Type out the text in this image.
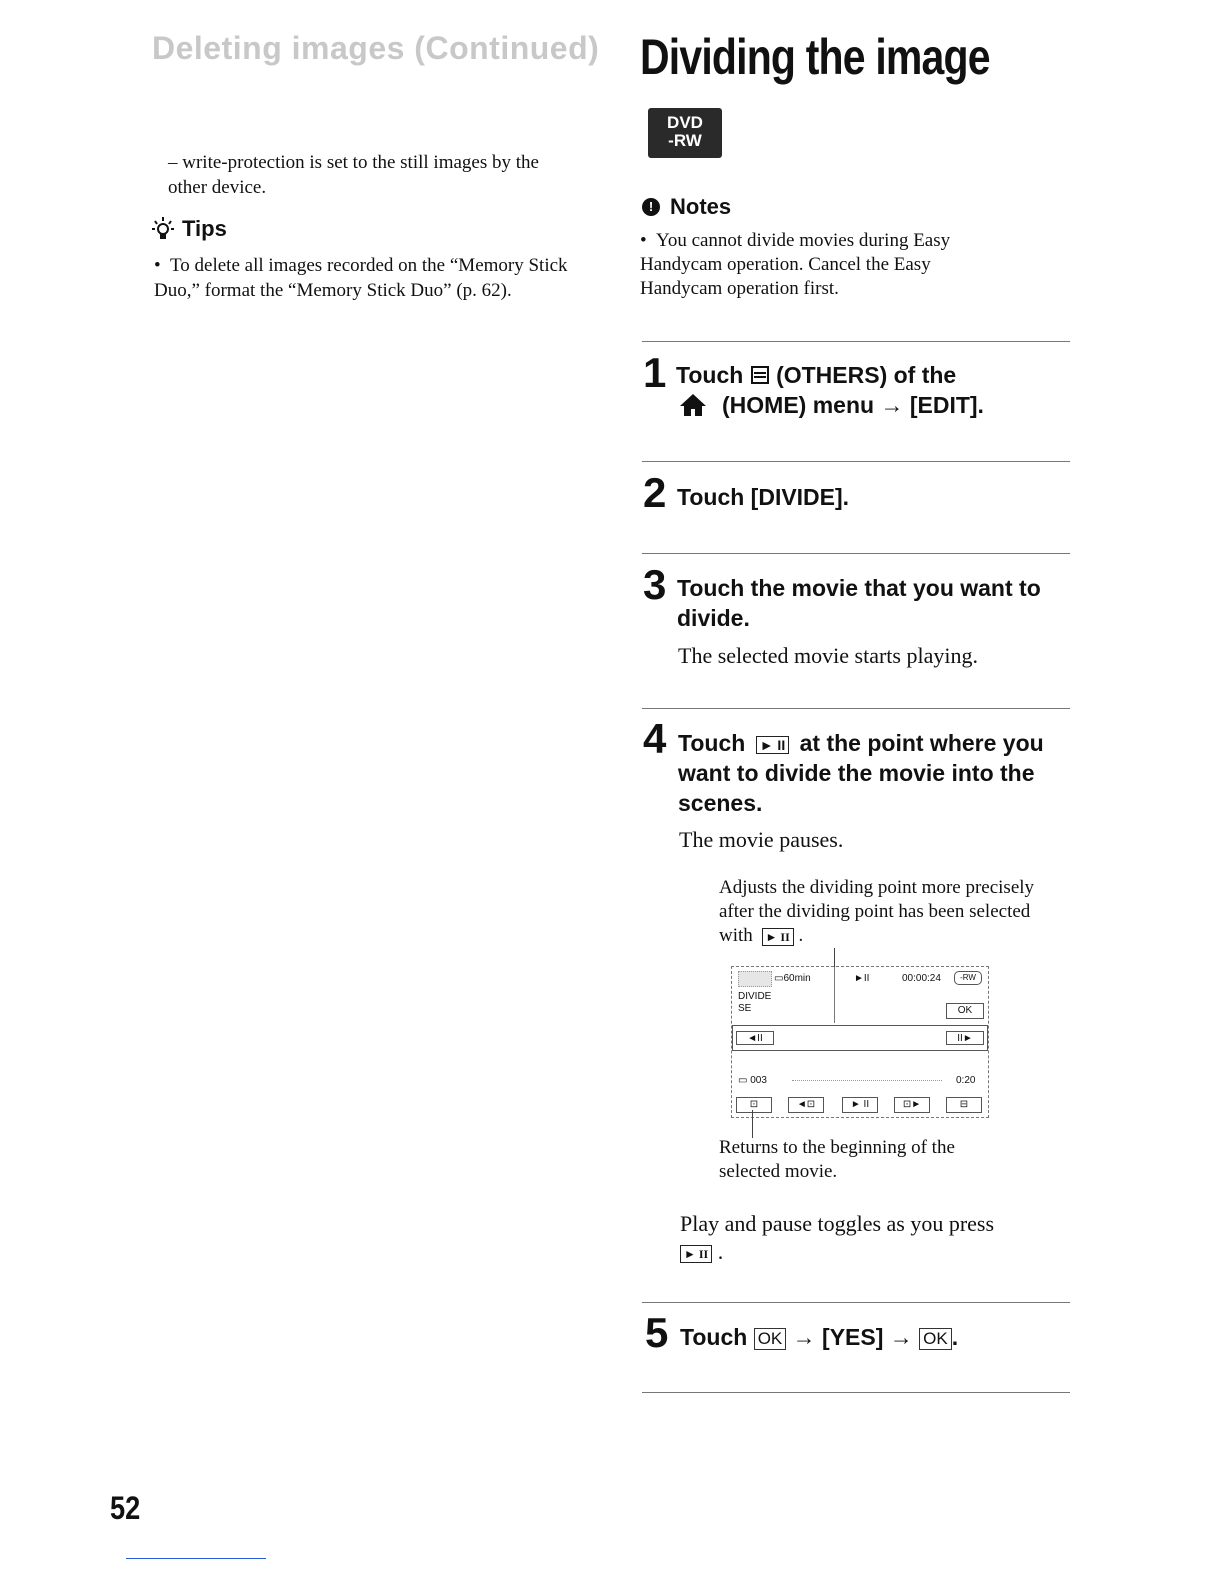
Deleting images (Continued)
– write-protection is set to the still images by the other device.
Tips
• To delete all images recorded on the “Memory Stick Duo,” format the “Memory Stick Duo” (p. 62).
Dividing the image
DVD
-RW
! Notes
• You cannot divide movies during Easy Handycam operation. Cancel the Easy Handycam operation first.
1 Touch (OTHERS) of the
(HOME) menu → [EDIT].
2 Touch [DIVIDE].
3 Touch the movie that you want to divide.
The selected movie starts playing.
4 Touch ► II at the point where you want to divide the movie into the scenes.
The movie pauses.
Adjusts the dividing point more precisely after the dividing point has been selected with ► II .
▭60min	►II	00:00:24	-RW
DIVIDE
SE	OK
◄II	II►
▭ 003	0:20
⊡	◄⊡	► II	⊡►	⊟
Returns to the beginning of the selected movie.
Play and pause toggles as you press
► II .
5 Touch OK → [YES] → OK .
52
